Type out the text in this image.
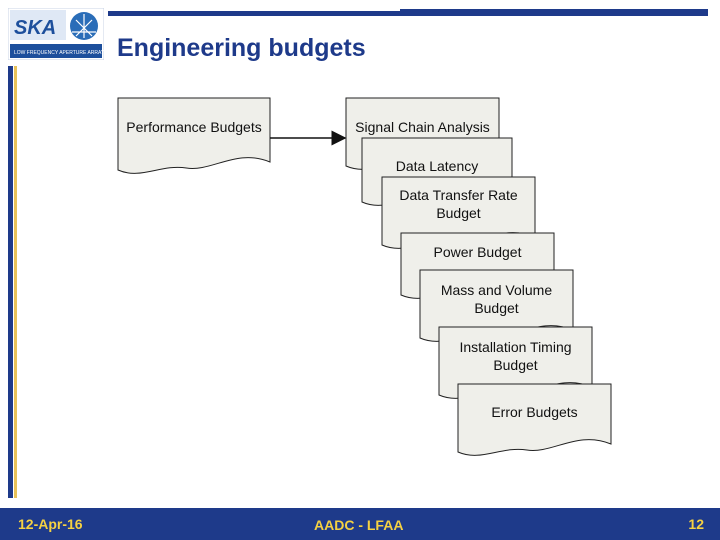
SKA
LOW FREQUENCY APERTURE ARRAY Engineering budgets
Performance Budgets	Signal Chain Analysis
Data Latency
Data Transfer Rate
Budget
Power Budget
Mass and Volume
Budget
Installation Timing
Budget
Error Budgets
12-Apr-16	AADC - LFAA	12
